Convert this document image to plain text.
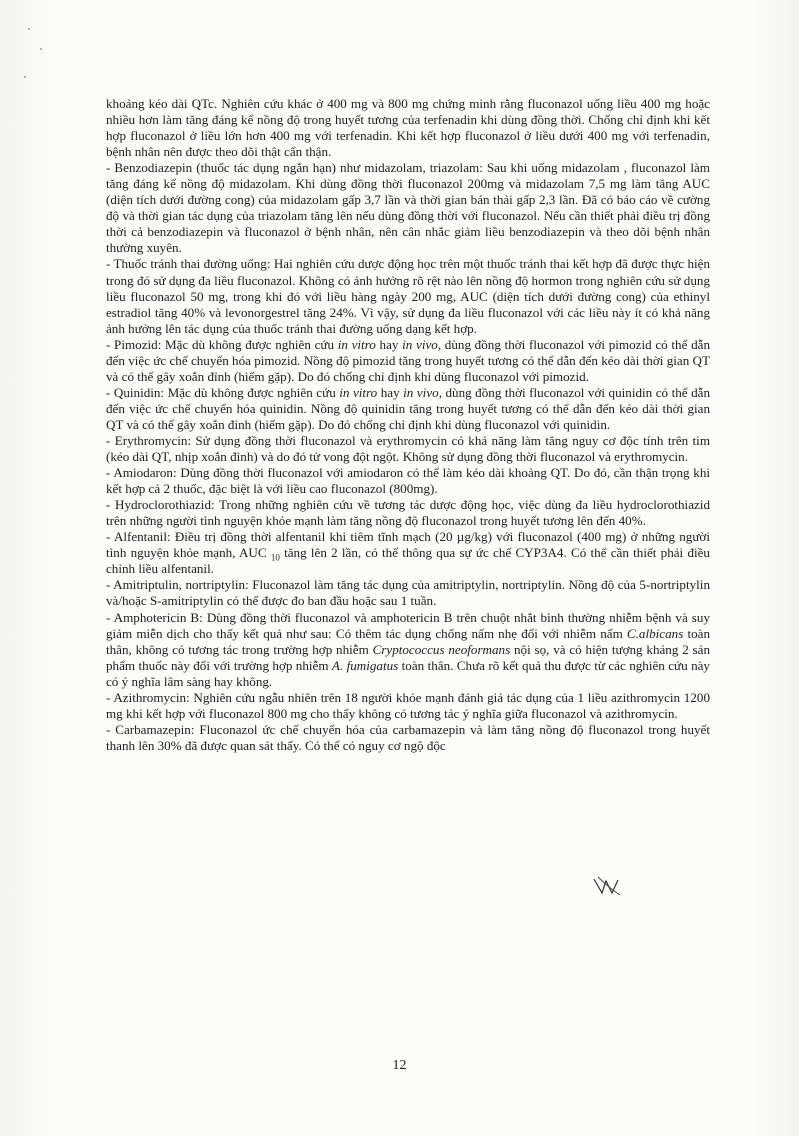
khoảng kéo dài QTc. Nghiên cứu khác ở 400 mg và 800 mg chứng minh rằng fluconazol uống liều 400 mg hoặc nhiều hơn làm tăng đáng kể nồng độ trong huyết tương của terfenadin khi dùng đồng thời. Chống chỉ định khi kết hợp fluconazol ở liều lớn hơn 400 mg với terfenadin. Khi kết hợp fluconazol ở liều dưới 400 mg với terfenadin, bệnh nhân nên được theo dõi thật cẩn thận.

- Benzodiazepin (thuốc tác dụng ngắn hạn) như midazolam, triazolam: Sau khi uống midazolam , fluconazol làm tăng đáng kể nồng độ midazolam. Khi dùng đồng thời fluconazol 200mg và midazolam 7,5 mg làm tăng AUC (diện tích dưới đường cong) của midazolam gấp 3,7 lần và thời gian bán thải gấp 2,3 lần. Đã có báo cáo về cường độ và thời gian tác dụng của triazolam tăng lên nếu dùng đồng thời với fluconazol. Nếu cần thiết phải điều trị đồng thời cả benzodiazepin và fluconazol ở bệnh nhân, nên cân nhắc giảm liều benzodiazepin và theo dõi bệnh nhân thường xuyên.

- Thuốc tránh thai đường uống: Hai nghiên cứu dược động học trên một thuốc tránh thai kết hợp đã được thực hiện trong đó sử dụng đa liều fluconazol. Không có ảnh hưởng rõ rệt nào lên nồng độ hormon trong nghiên cứu sử dụng liều fluconazol 50 mg, trong khi đó với liều hàng ngày 200 mg, AUC (diện tích dưới đường cong) của ethinyl estradiol tăng 40% và levonorgestrel tăng 24%. Vì vậy, sử dụng đa liều fluconazol với các liều này ít có khả năng ảnh hưởng lên tác dụng của thuốc tránh thai đường uống dạng kết hợp.

- Pimozid: Mặc dù không được nghiên cứu in vitro hay in vivo, dùng đồng thời fluconazol với pimozid có thể dẫn đến việc ức chế chuyển hóa pimozid. Nồng độ pimozid tăng trong huyết tương có thể dẫn đến kéo dài thời gian QT và có thể gây xoắn đỉnh (hiếm gặp). Do đó chống chỉ định khi dùng fluconazol với pimozid.

- Quinidin: Mặc dù không được nghiên cứu in vitro hay in vivo, dùng đồng thời fluconazol với quinidin có thể dẫn đến việc ức chế chuyển hóa quinidin. Nồng độ quinidin tăng trong huyết tương có thể dẫn đến kéo dài thời gian QT và có thể gây xoắn đỉnh (hiếm gặp). Do đó chống chỉ định khi dùng fluconazol với quinidin.

- Erythromycin: Sử dụng đồng thời fluconazol và erythromycin có khả năng làm tăng nguy cơ độc tính trên tim (kéo dài QT, nhịp xoắn đỉnh) và do đó tử vong đột ngột. Không sử dụng đồng thời fluconazol và erythromycin.

- Amiodaron: Dùng đồng thời fluconazol với amiodaron có thể làm kéo dài khoảng QT. Do đó, cần thận trọng khi kết hợp cả 2 thuốc, đặc biệt là với liều cao fluconazol (800mg).

- Hydroclorothiazid: Trong những nghiên cứu về tương tác dược động học, việc dùng đa liều hydroclorothiazid trên những người tình nguyện khỏe mạnh làm tăng nồng độ fluconazol trong huyết tương lên đến 40%.

- Alfentanil: Điều trị đồng thời alfentanil khi tiêm tĩnh mạch (20 µg/kg) với fluconazol (400 mg) ở những người tình nguyện khỏe mạnh, AUC $_{10}$ tăng lên 2 lần, có thể thông qua sự ức chế CYP3A4. Có thể cần thiết phải điều chỉnh liều alfentanil.

- Amitriptulin, nortriptylin: Fluconazol làm tăng tác dụng của amitriptylin, nortriptylin. Nồng độ của 5-nortriptylin và/hoặc S-amitriptylin có thể được đo ban đầu hoặc sau 1 tuần.

- Amphotericin B: Dùng đồng thời fluconazol và amphotericin B trên chuột nhắt bình thường nhiễm bệnh và suy giảm miễn dịch cho thấy kết quả như sau: Có thêm tác dụng chống nấm nhẹ đối với nhiễm nấm C.albicans toàn thân, không có tương tác trong trường hợp nhiễm Cryptococcus neoformans nội sọ, và có hiện tượng kháng 2 sản phẩm thuốc này đối với trường hợp nhiễm A. fumigatus toàn thân. Chưa rõ kết quả thu được từ các nghiên cứu này có ý nghĩa lâm sàng hay không.

- Azithromycin: Nghiên cứu ngẫu nhiên trên 18 người khỏe mạnh đánh giá tác dụng của 1 liều azithromycin 1200 mg khi kết hợp với fluconazol 800 mg cho thấy không có tương tác ý nghĩa giữa fluconazol và azithromycin.

- Carbamazepin: Fluconazol ức chế chuyển hóa của carbamazepin và làm tăng nồng độ fluconazol trong huyết thanh lên 30% đã được quan sát thấy. Có thể có nguy cơ ngộ độc

12
